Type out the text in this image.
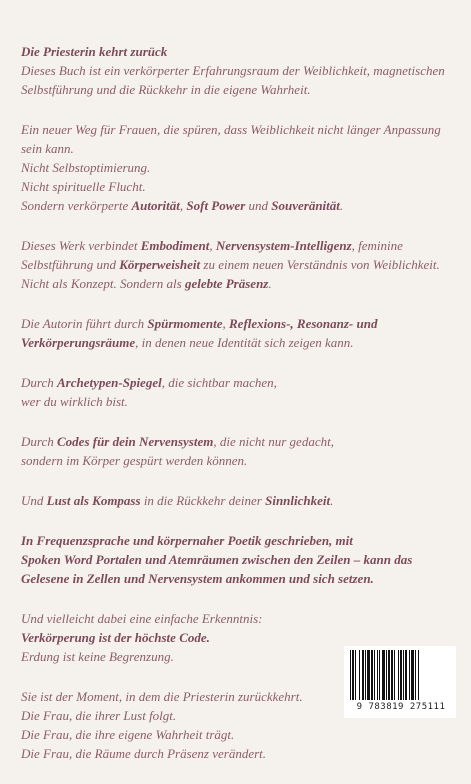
Die Priesterin kehrt zurück
Dieses Buch ist ein verkörperter Erfahrungsraum der Weiblichkeit, magnetischen Selbstführung und die Rückkehr in die eigene Wahrheit.

Ein neuer Weg für Frauen, die spüren, dass Weiblichkeit nicht länger Anpassung sein kann.
Nicht Selbstoptimierung.
Nicht spirituelle Flucht.
Sondern verkörperte Autorität, Soft Power und Souveränität.

Dieses Werk verbindet Embodiment, Nervensystem-Intelligenz, feminine Selbstführung und Körperweisheit zu einem neuen Verständnis von Weiblichkeit. Nicht als Konzept. Sondern als gelebte Präsenz.

Die Autorin führt durch Spürmomente, Reflexions-, Resonanz- und Verkörperungsräume, in denen neue Identität sich zeigen kann.

Durch Archetypen-Spiegel, die sichtbar machen,
wer du wirklich bist.

Durch Codes für dein Nervensystem, die nicht nur gedacht,
sondern im Körper gespürt werden können.

Und Lust als Kompass in die Rückkehr deiner Sinnlichkeit.

In Frequenzsprache und körpernaher Poetik geschrieben, mit
Spoken Word Portalen und Atemräumen zwischen den Zeilen – kann das
Gelesene in Zellen und Nervensystem ankommen und sich setzen.

Und vielleicht dabei eine einfache Erkenntnis:
Verkörperung ist der höchste Code.
Erdung ist keine Begrenzung.

Sie ist der Moment, in dem die Priesterin zurückkehrt.
Die Frau, die ihrer Lust folgt.
Die Frau, die ihre eigene Wahrheit trägt.
Die Frau, die Räume durch Präsenz verändert.

9 783819 275111
